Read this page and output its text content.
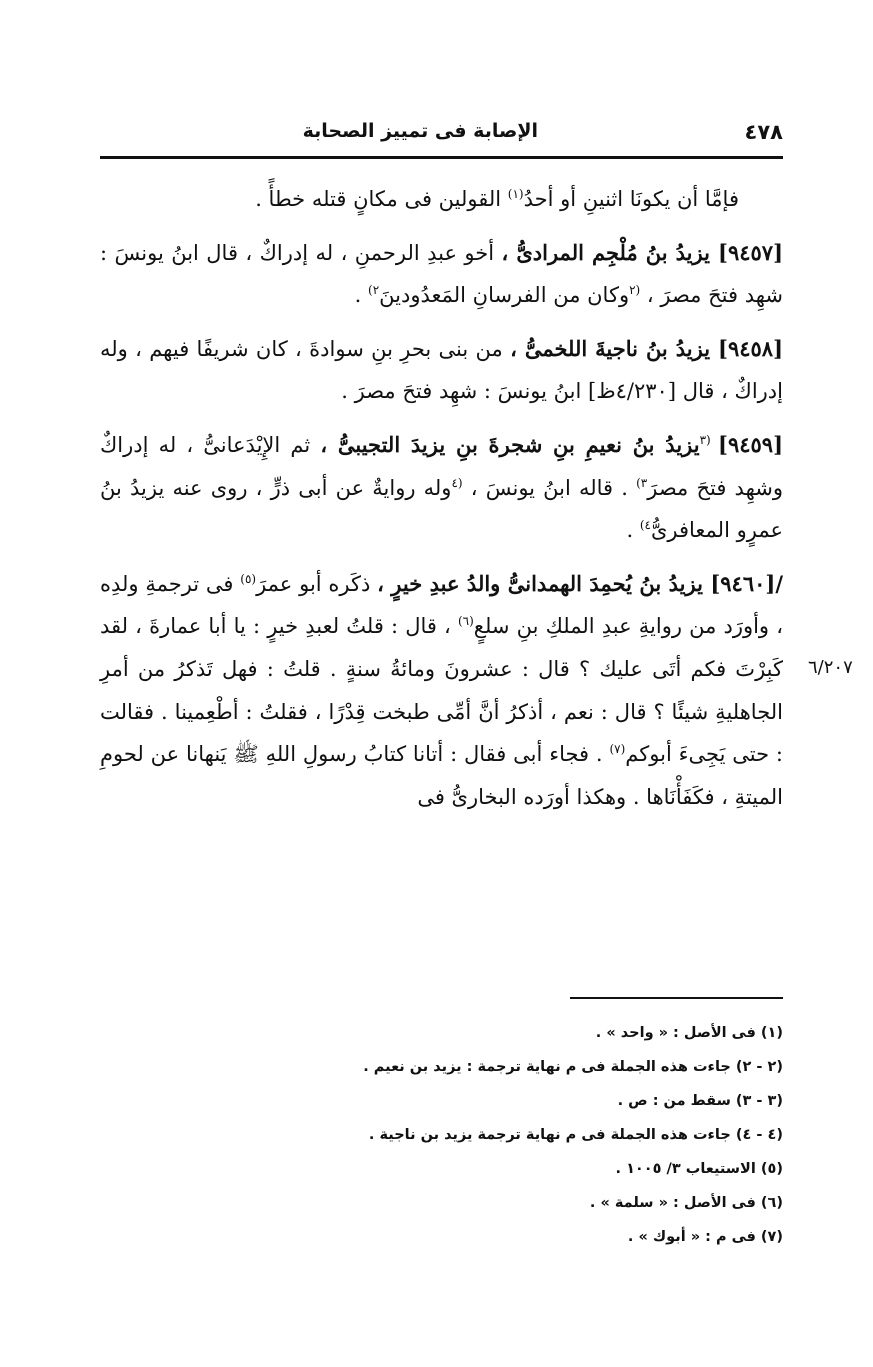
٤٧٨
الإصابة فى تمييز الصحابة

فإمَّا أن يكونَا اثنينِ أو أحدُ$^{(١)}$ القولين فى مكانٍ قتله خطأً .

[٩٤٥٧] يزيدُ بنُ مُلْجِم المرادىُّ ، أخو عبدِ الرحمنِ ، له إدراكٌ ، قال ابنُ يونسَ : شهِد فتحَ مصرَ ، $^{(٢}$وكان من الفرسانِ المَعدُودينَ$^{٢)}$ .

[٩٤٥٨] يزيدُ بنُ ناجيةَ اللخمىُّ ، من بنى بحرِ بنِ سوادةَ ، كان شريفًا فيهم ، وله إدراكٌ ، قال [٤/٢٣٠ظ] ابنُ يونسَ : شهِد فتحَ مصرَ .

[٩٤٥٩] $^{(٣}$يزيدُ بنُ نعيمِ بنِ شجرةَ بنِ يزيدَ التجيبىُّ ، ثم الإِيْدَعانىُّ ، له إدراكٌ وشهِد فتحَ مصرَ$^{٣)}$ . قاله ابنُ يونسَ ، $^{(٤}$وله روايةٌ عن أبى ذرٍّ ، روى عنه يزيدُ بنُ عمرٍو المعافرىُّ$^{٤)}$ .

/[٩٤٦٠] يزيدُ بنُ يُحمِدَ الهمدانىُّ والدُ عبدِ خيرٍ ، ذكَره أبو عمرَ$^{(٥)}$ فى ترجمةِ ولدِه ، وأورَد من روايةِ عبدِ الملكِ بنِ سلعٍ$^{(٦)}$ ، قال : قلتُ لعبدِ خيرٍ : يا أبا عمارةَ ، لقد كَبِرْتَ فكم أتَى عليك ؟ قال : عشرونَ ومائةُ سنةٍ . قلتُ : فهل تَذكرُ من أمرِ الجاهليةِ شيئًا ؟ قال : نعم ، أذكرُ أنَّ أمِّى طبخت قِدْرًا ، فقلتُ : أطْعِمينا . فقالت : حتى يَجِىءَ أبوكم$^{(٧)}$ . فجاء أبى فقال : أتانا كتابُ رسولِ اللهِ ﷺ يَنهانا عن لحومِ الميتةِ ، فكَفَأْنَاها . وهكذا أورَده البخارىُّ فى

٦/٢٠٧
(١) فى الأصل : « واحد » .
(٢ - ٢) جاءت هذه الجملة فى م نهاية ترجمة : يزيد بن نعيم .
(٣ - ٣) سقط من : ص .
(٤ - ٤) جاءت هذه الجملة فى م نهاية ترجمة يزيد بن ناجية .
(٥) الاستيعاب ٣/ ١٠٠٥ .
(٦) فى الأصل : « سلمة » .
(٧) فى م : « أبوك » .
